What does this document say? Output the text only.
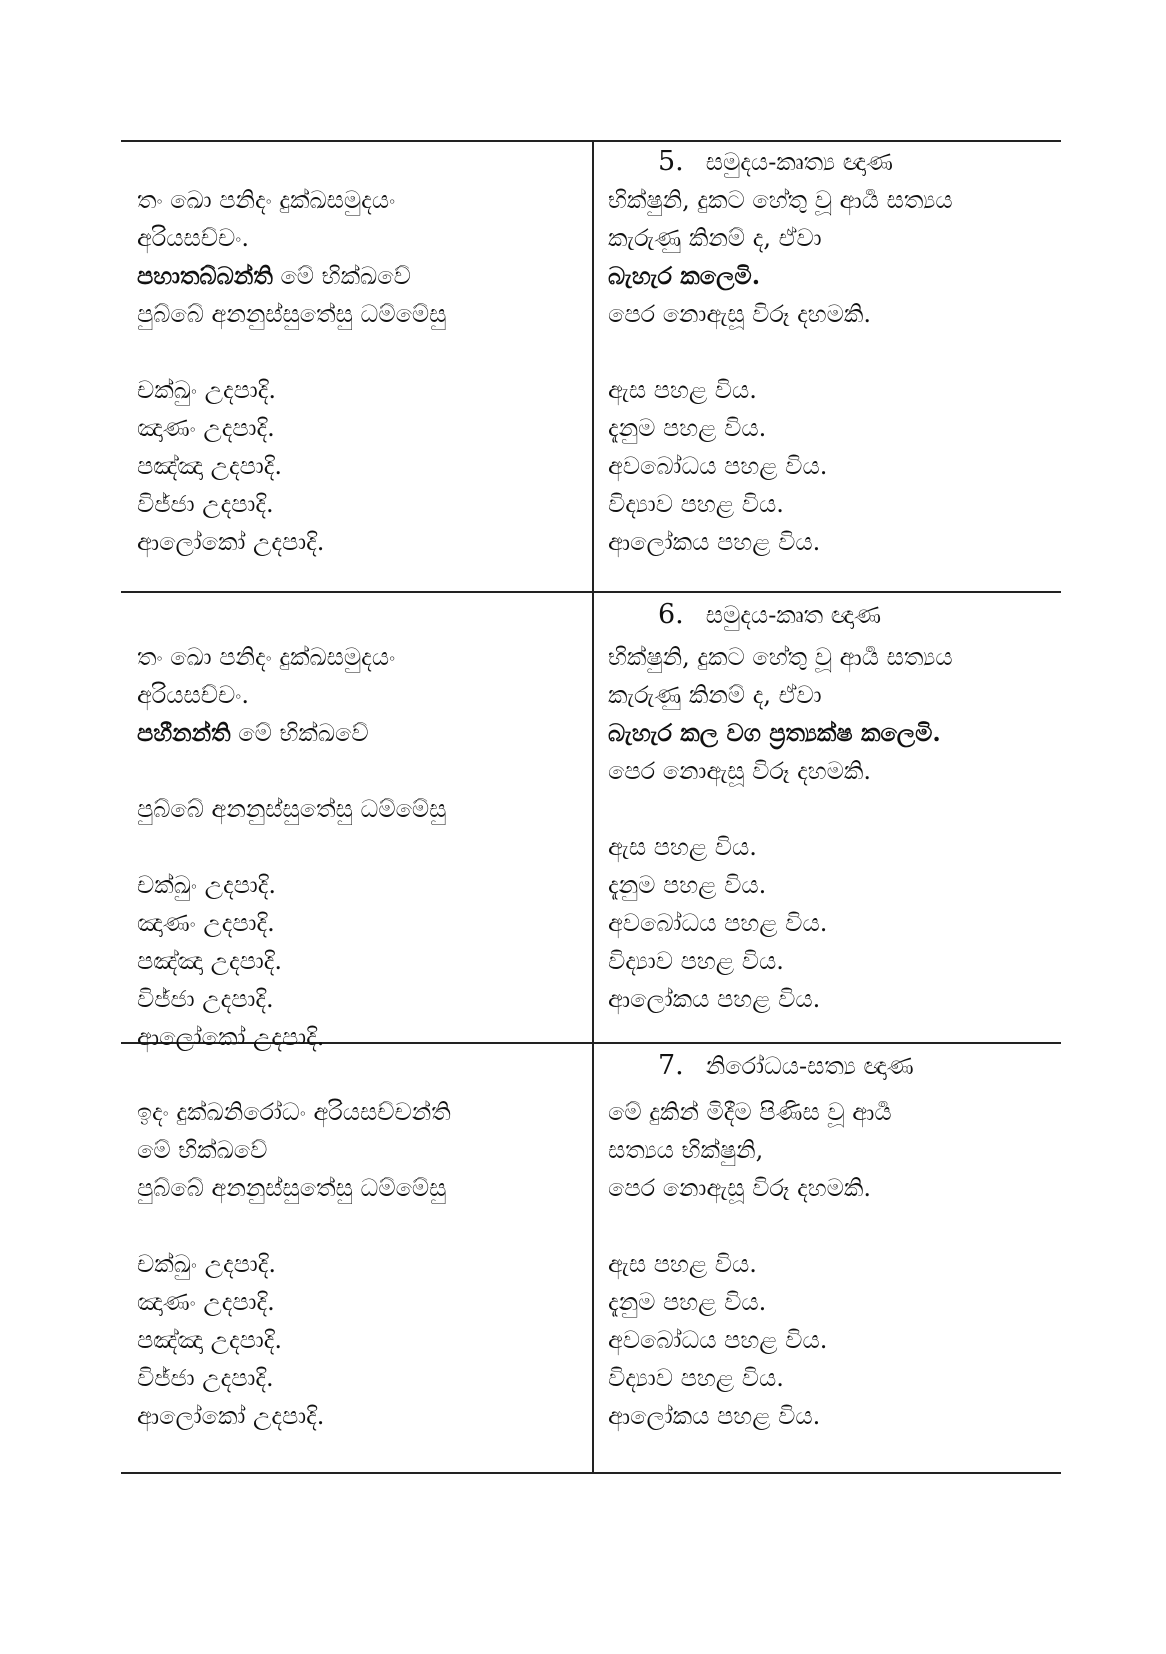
5. සමුදය-කෘත්‍ය ඥාණ
තං ඛො පනිදං දුක්ඛසමුදයං
අරියසච්චං.
පහාතබ්බන්ති මේ භික්ඛවේ
පුබ්බේ අනනුස්සුතේසු ධම්මේසු
චක්ඛුං උදපාදි.
ඤාණං උදපාදි.
පඤ්ඤා උදපාදි.
විජ්ජා උදපාදි.
ආලෝකෝ උදපාදි.
භික්ෂුනි, දුකට හේතු වූ ආර්‍ය සත්‍යය
කැරුණු කිනම් ද, ඒවා
බැහැර කලෙමි.
පෙර නොඇසූ විරූ දහමකි.
ඇස පහළ විය.
දැනුම පහළ විය.
අවබෝධය පහළ විය.
විද්‍යාව පහළ විය.
ආලෝකය පහළ විය.
6. සමුදය-කෘත ඥාණ
තං ඛො පනිදං දුක්ඛසමුදයං
අරියසච්චං.
පහීනන්ති මේ භික්ඛවේ
පුබ්බේ අනනුස්සුතේසු ධම්මේසු
චක්ඛුං උදපාදි.
ඤාණං උදපාදි.
පඤ්ඤා උදපාදි.
විජ්ජා උදපාදි.
ආලෝකෝ උදපාදි.
භික්ෂුනි, දුකට හේතු වූ ආර්‍ය සත්‍යය
කැරුණු කිනම් ද, ඒවා
බැහැර කල වග ප්‍රත්‍යක්ෂ කලෙමි.
පෙර නොඇසූ විරූ දහමකි.
ඇස පහළ විය.
දැනුම පහළ විය.
අවබෝධය පහළ විය.
විද්‍යාව පහළ විය.
ආලෝකය පහළ විය.
7. නිරෝධය-සත්‍ය ඥාණ
ඉදං දුක්ඛනිරෝධං අරියසච්චන්ති
මේ භික්ඛවේ
පුබ්බේ අනනුස්සුතේසු ධම්මේසු
චක්ඛුං උදපාදි.
ඤාණං උදපාදි.
පඤ්ඤා උදපාදි.
විජ්ජා උදපාදි.
ආලෝකෝ උදපාදි.
මේ දුකින් මිදීම පිණිස වූ ආර්‍ය
සත්‍යය භික්ෂුනි,
පෙර නොඇසූ විරූ දහමකි.
ඇස පහළ විය.
දැනුම පහළ විය.
අවබෝධය පහළ විය.
විද්‍යාව පහළ විය.
ආලෝකය පහළ විය.
